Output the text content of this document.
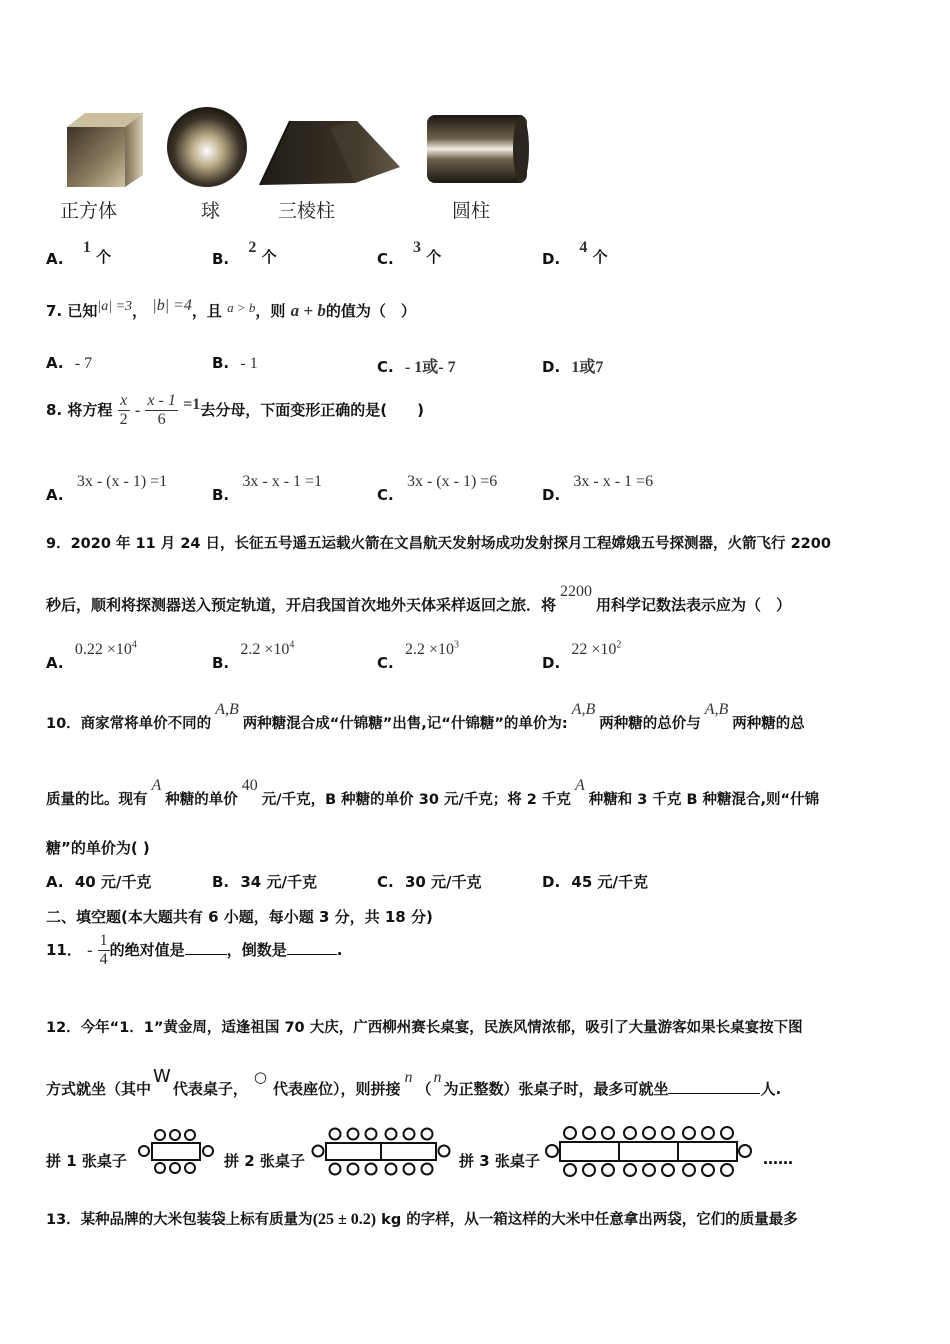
正方体	球	三棱柱	圆柱
A. 1 个	B. 2 个	C. 3 个	D. 4 个
7. 已知|a| =3， |b| =4，且 a > b，则 a + b的值为（　）
A. - 7	B. - 1	C. - 1或- 7	D. 1或7
8. 将方程 $\frac{x}{2} - \frac{x - 1}{6} =1$去分母，下面变形正确的是(　　)
A. 3x - (x - 1) =1
B. 3x - x - 1 =1
C. 3x - (x - 1) =6
D. 3x - x - 1 =6
9．2020 年 11 月 24 日，长征五号遥五运载火箭在文昌航天发射场成功发射探月工程嫦娥五号探测器，火箭飞行 2200
秒后，顺利将探测器送入预定轨道，开启我国首次地外天体采样返回之旅．将2200用科学记数法表示应为（　）
A. $0.22 \times 10^4$
B. $2.2 \times 10^4$
C. $2.2 \times 10^3$
D. $22 \times 10^2$
10．商家常将单价不同的A,B两种糖混合成“什锦糖”出售,记“什锦糖”的单价为:A,B两种糖的总价与A,B两种糖的总
质量的比。现有A种糖的单价40元/千克，B 种糖的单价 30 元/千克；将 2 千克A种糖和 3 千克 B 种糖混合,则“什锦
糖”的单价为( )
A. 40 元/千克	B. 34 元/千克	C. 30 元/千克	D. 45 元/千克
二、填空题(本大题共有 6 小题，每小题 3 分，共 18 分)
11． - $\frac{1}{4}$ 的绝对值是	，倒数是	.
12．今年“1．1”黄金周，适逢祖国 70 大庆，广西柳州赛长桌宴，民族风情浓郁，吸引了大量游客如果长桌宴按下图
方式就坐（其中W代表桌子，○代表座位），则拼接n（n为正整数）张桌子时，最多可就坐	人.
拼 1 张桌子	拼 2 张桌子	拼 3 张桌子	……
13．某种品牌的大米包装袋上标有质量为(25 ± 0.2) kg 的字样，从一箱这样的大米中任意拿出两袋，它们的质量最多
